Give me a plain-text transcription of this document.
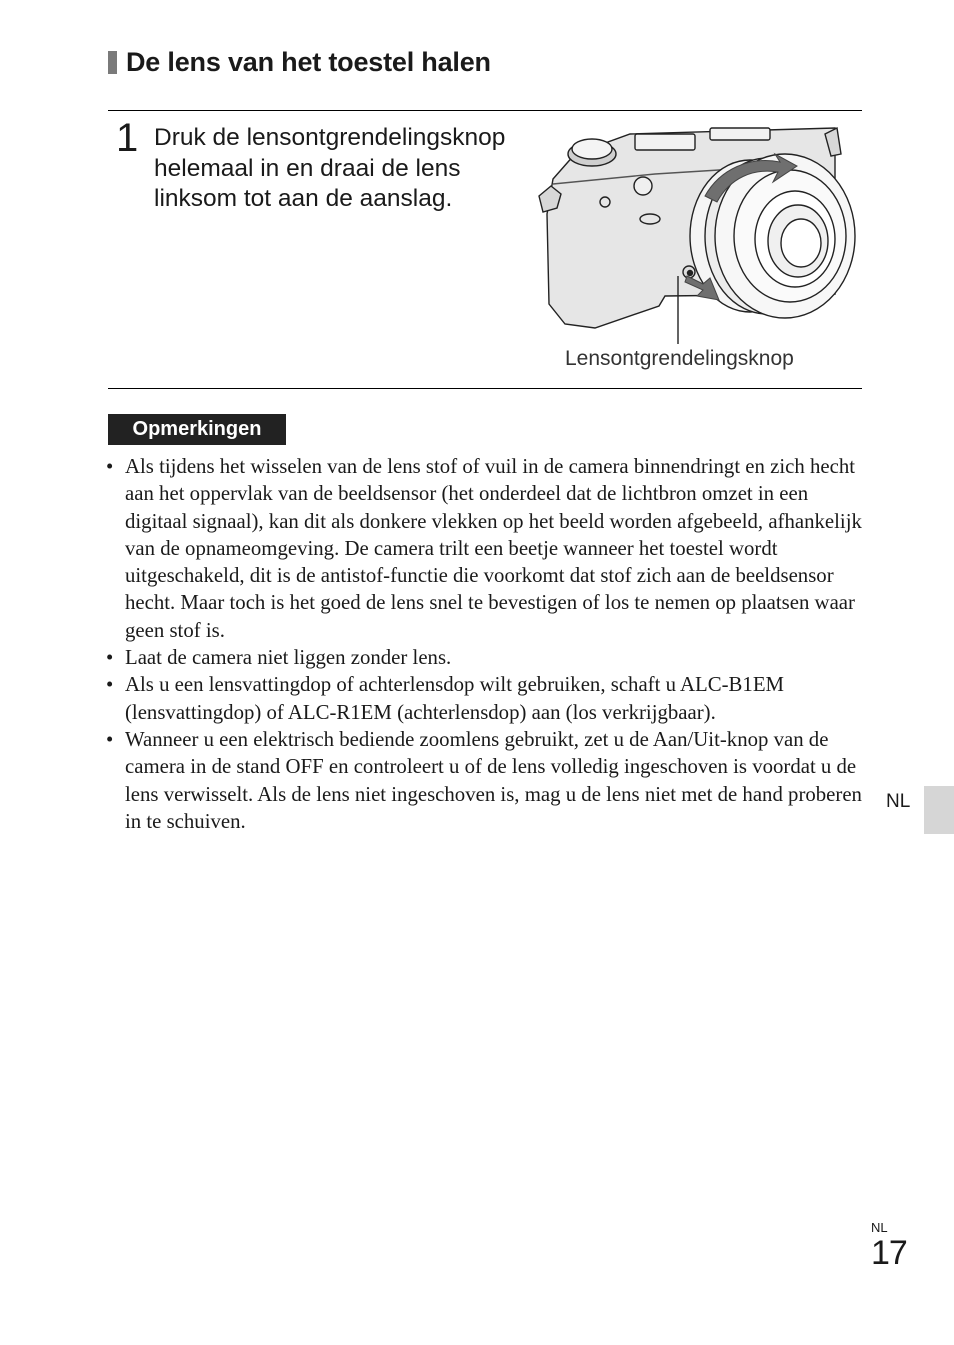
De lens van het toestel halen
1 Druk de lensontgrendelingsknop helemaal in en draai de lens linksom tot aan de aanslag.
Lensontgrendelingsknop
Opmerkingen
• Als tijdens het wisselen van de lens stof of vuil in de camera binnendringt en zich hecht aan het oppervlak van de beeldsensor (het onderdeel dat de lichtbron omzet in een digitaal signaal), kan dit als donkere vlekken op het beeld worden afgebeeld, afhankelijk van de opnameomgeving. De camera trilt een beetje wanneer het toestel wordt uitgeschakeld, dit is de antistof-functie die voorkomt dat stof zich aan de beeldsensor hecht. Maar toch is het goed de lens snel te bevestigen of los te nemen op plaatsen waar geen stof is.
• Laat de camera niet liggen zonder lens.
• Als u een lensvattingdop of achterlensdop wilt gebruiken, schaft u ALC-B1EM (lensvattingdop) of ALC-R1EM (achterlensdop) aan (los verkrijgbaar).
• Wanneer u een elektrisch bediende zoomlens gebruikt, zet u de Aan/Uit-knop van de camera in de stand OFF en controleert u of de lens volledig ingeschoven is voordat u de lens verwisselt. Als de lens niet ingeschoven is, mag u de lens niet met de hand proberen in te schuiven.
NL
NL
17
